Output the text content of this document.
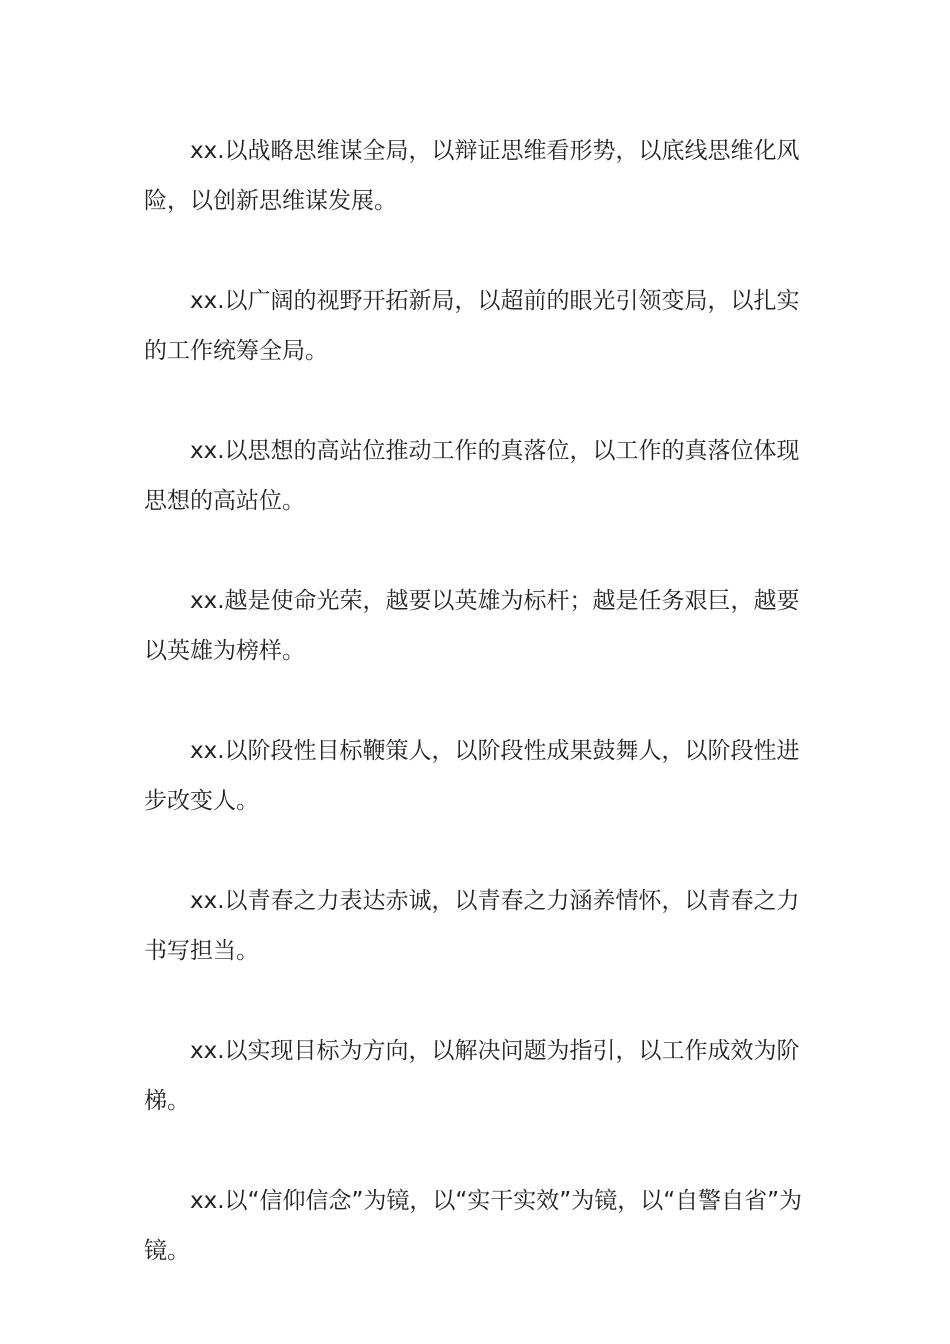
xx.以战略思维谋全局，以辩证思维看形势，以底线思维化风险，以创新思维谋发展。

xx.以广阔的视野开拓新局，以超前的眼光引领变局，以扎实的工作统筹全局。

xx.以思想的高站位推动工作的真落位，以工作的真落位体现思想的高站位。

xx.越是使命光荣，越要以英雄为标杆；越是任务艰巨，越要以英雄为榜样。

xx.以阶段性目标鞭策人，以阶段性成果鼓舞人，以阶段性进步改变人。

xx.以青春之力表达赤诚，以青春之力涵养情怀，以青春之力书写担当。

xx.以实现目标为方向，以解决问题为指引，以工作成效为阶梯。

xx.以“信仰信念”为镜，以“实干实效”为镜，以“自警自省”为镜。
